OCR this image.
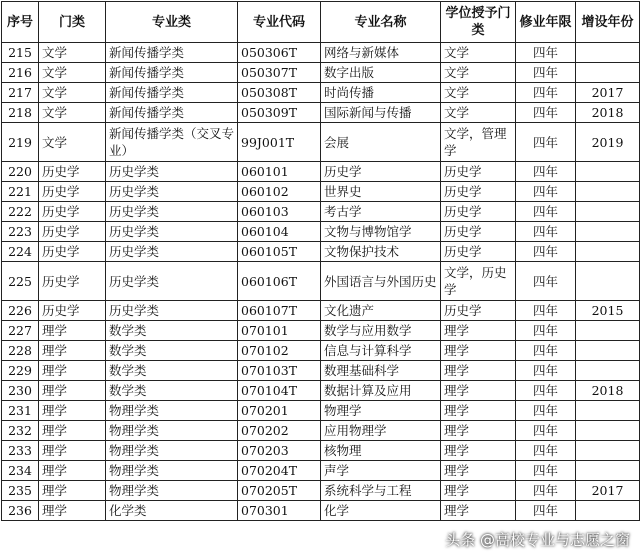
序号	门类	专业类	专业代码	专业名称	学位授予门类	修业年限	增设年份
215	文学	新闻传播学类	050306T	网络与新媒体	文学	四年	
216	文学	新闻传播学类	050307T	数字出版	文学	四年	
217	文学	新闻传播学类	050308T	时尚传播	文学	四年	2017
218	文学	新闻传播学类	050309T	国际新闻与传播	文学	四年	2018
219	文学	新闻传播学类（交叉专业）	99J001T	会展	文学，管理学	四年	2019
220	历史学	历史学类	060101	历史学	历史学	四年	
221	历史学	历史学类	060102	世界史	历史学	四年	
222	历史学	历史学类	060103	考古学	历史学	四年	
223	历史学	历史学类	060104	文物与博物馆学	历史学	四年	
224	历史学	历史学类	060105T	文物保护技术	历史学	四年	
225	历史学	历史学类	060106T	外国语言与外国历史	文学，历史学	四年	
226	历史学	历史学类	060107T	文化遗产	历史学	四年	2015
227	理学	数学类	070101	数学与应用数学	理学	四年	
228	理学	数学类	070102	信息与计算科学	理学	四年	
229	理学	数学类	070103T	数理基础科学	理学	四年	
230	理学	数学类	070104T	数据计算及应用	理学	四年	2018
231	理学	物理学类	070201	物理学	理学	四年	
232	理学	物理学类	070202	应用物理学	理学	四年	
233	理学	物理学类	070203	核物理	理学	四年	
234	理学	物理学类	070204T	声学	理学	四年	
235	理学	物理学类	070205T	系统科学与工程	理学	四年	2017
236	理学	化学类	070301	化学	理学	四年	
头条 @高校专业与志愿之窗
